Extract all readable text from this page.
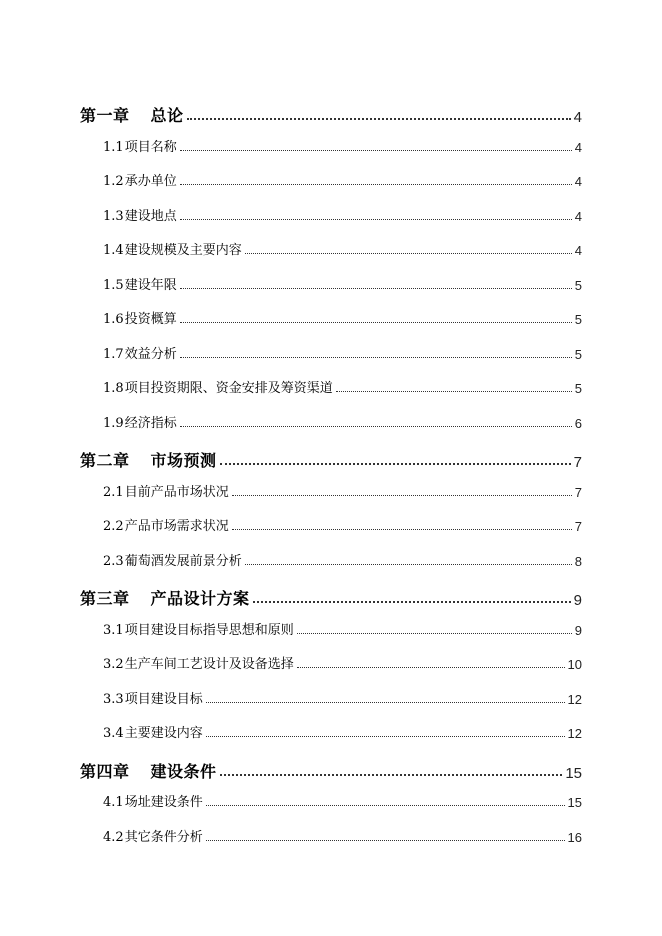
第一章 总论	4
1.1项目名称	4
1.2承办单位	4
1.3建设地点	4
1.4建设规模及主要内容	4
1.5建设年限	5
1.6投资概算	5
1.7效益分析	5
1.8项目投资期限、资金安排及筹资渠道	5
1.9经济指标	6
第二章 市场预测	7
2.1目前产品市场状况	7
2.2产品市场需求状况	7
2.3葡萄酒发展前景分析	8
第三章 产品设计方案	9
3.1项目建设目标指导思想和原则	9
3.2生产车间工艺设计及设备选择	10
3.3项目建设目标	12
3.4主要建设内容	12
第四章 建设条件	15
4.1场址建设条件	15
4.2其它条件分析	16
